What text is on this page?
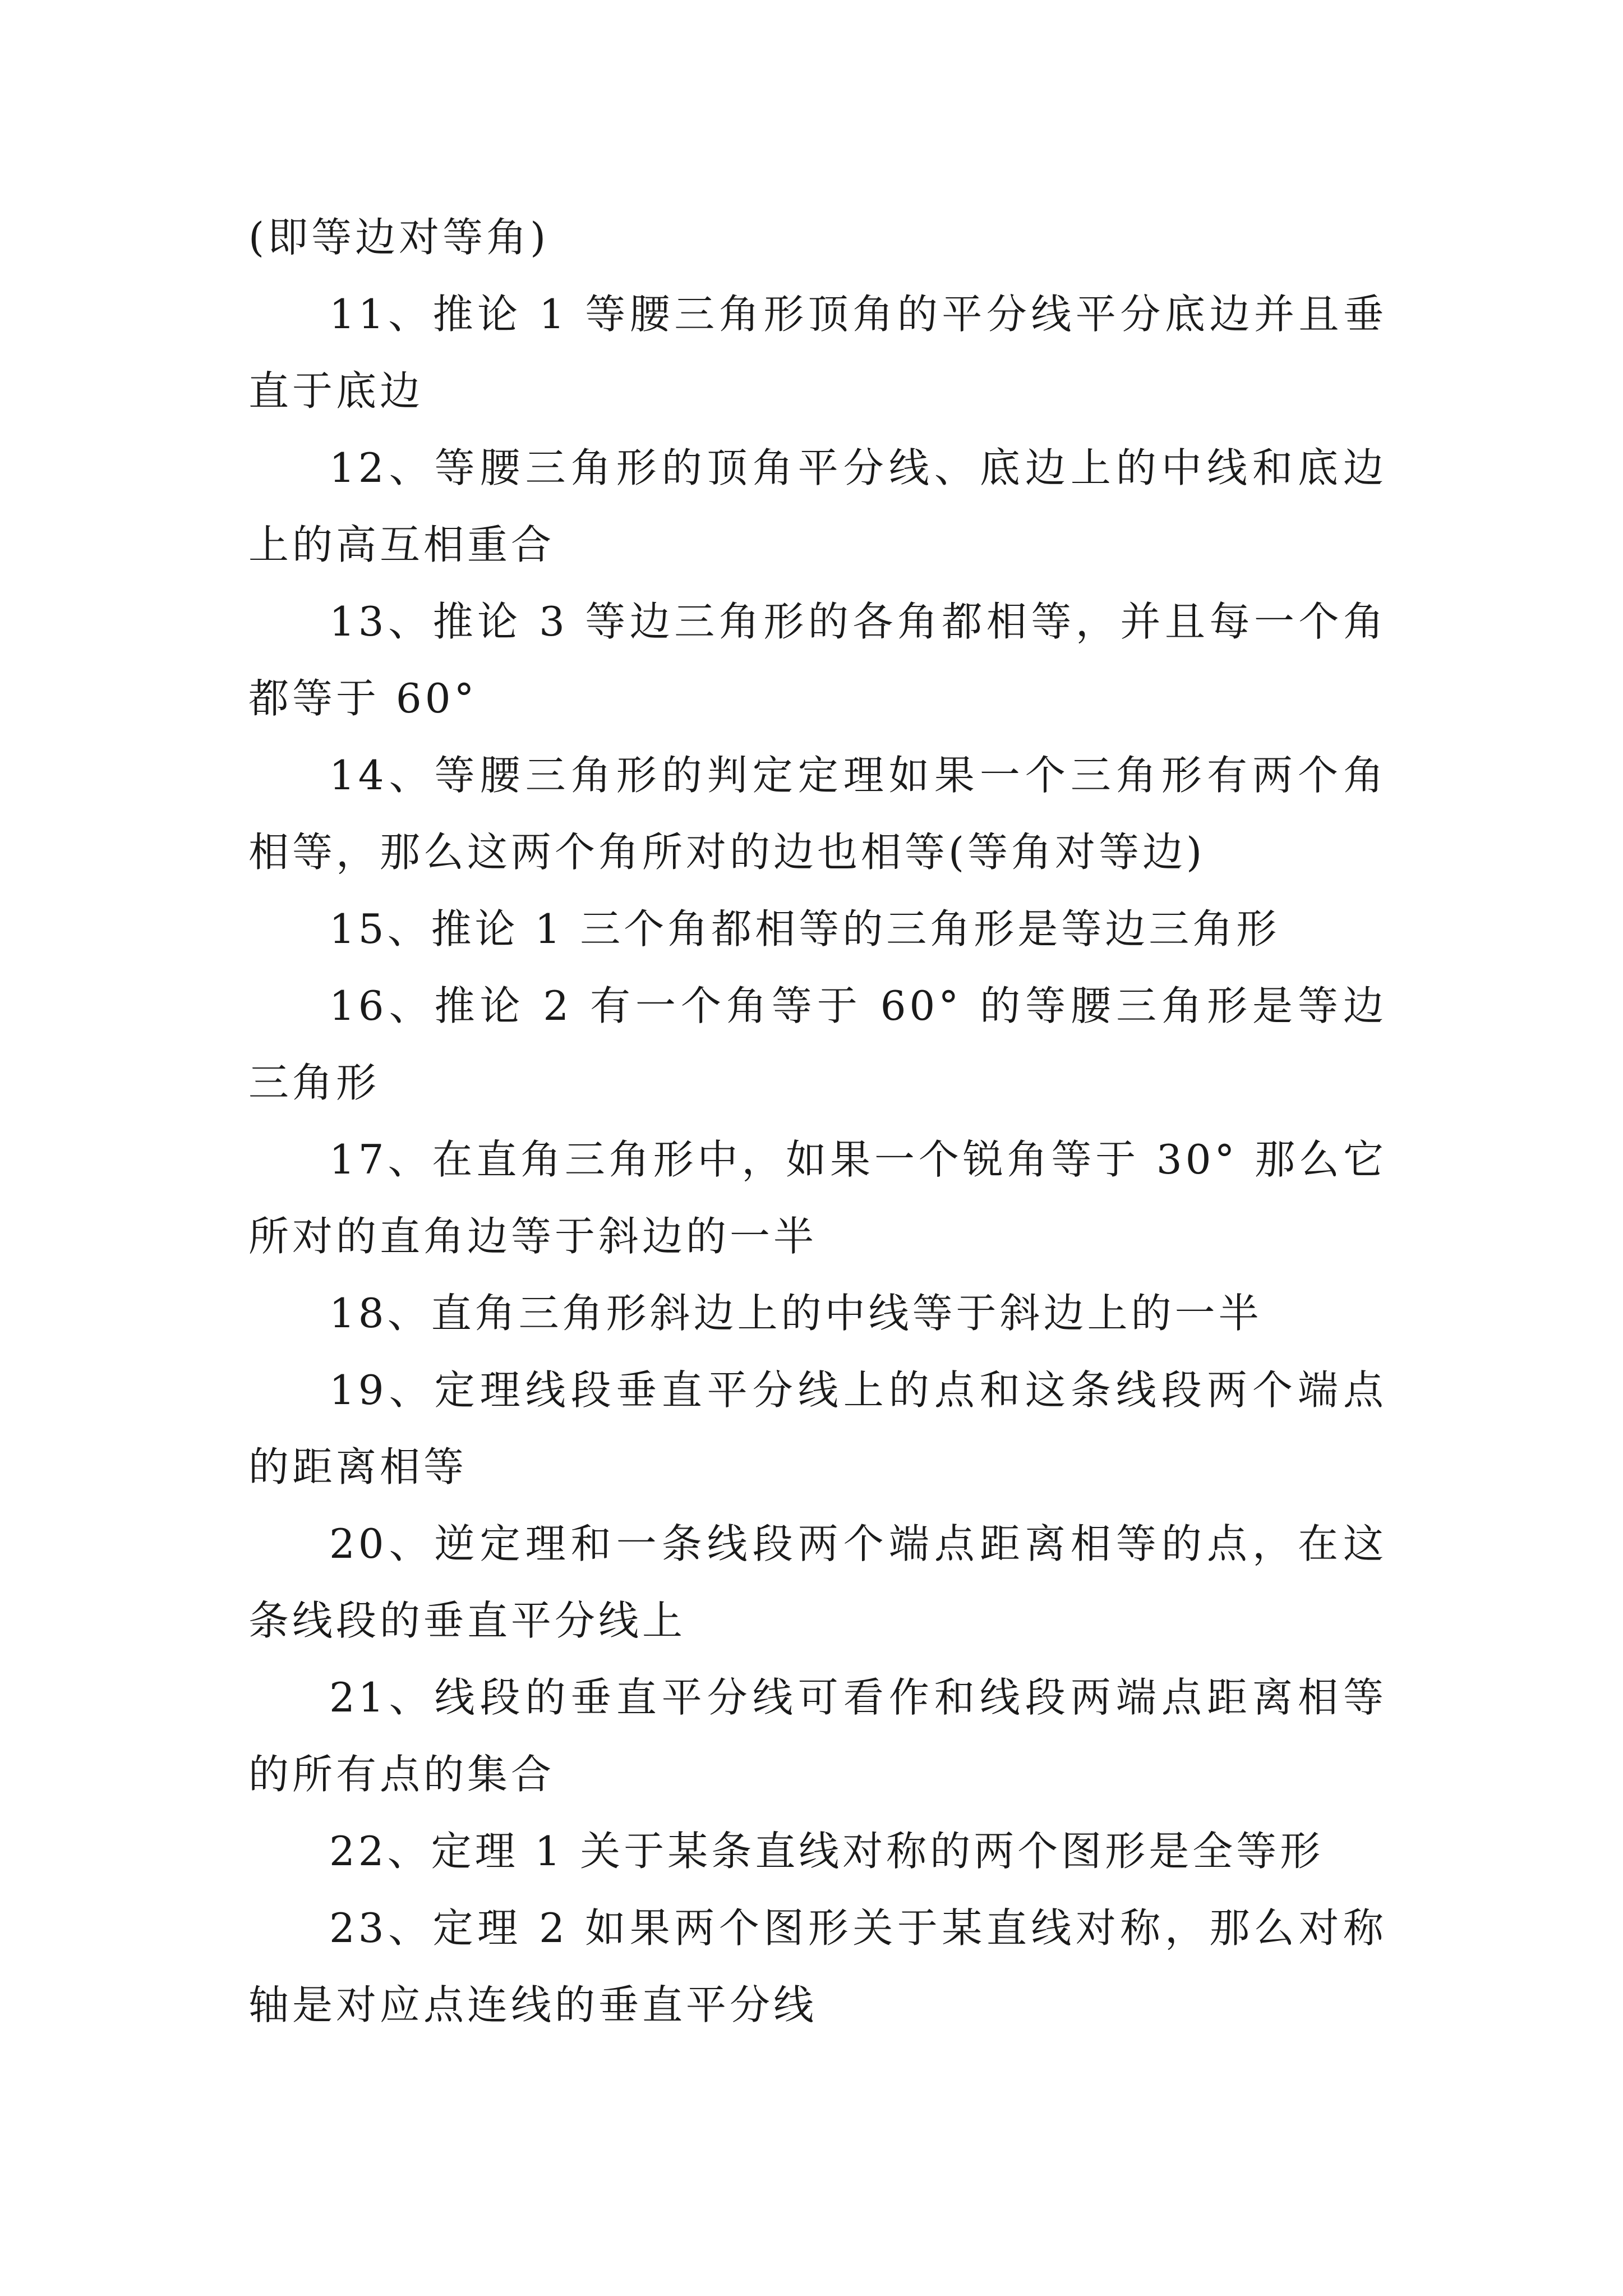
(即等边对等角)

11、推论 1 等腰三角形顶角的平分线平分底边并且垂直于底边

12、等腰三角形的顶角平分线、底边上的中线和底边上的高互相重合

13、推论 3 等边三角形的各角都相等，并且每一个角都等于 60°

14、等腰三角形的判定定理如果一个三角形有两个角相等，那么这两个角所对的边也相等(等角对等边)

15、推论 1 三个角都相等的三角形是等边三角形

16、推论 2 有一个角等于 60° 的等腰三角形是等边三角形

17、在直角三角形中，如果一个锐角等于 30° 那么它所对的直角边等于斜边的一半

18、直角三角形斜边上的中线等于斜边上的一半

19、定理线段垂直平分线上的点和这条线段两个端点的距离相等

20、逆定理和一条线段两个端点距离相等的点，在这条线段的垂直平分线上

21、线段的垂直平分线可看作和线段两端点距离相等的所有点的集合

22、定理 1 关于某条直线对称的两个图形是全等形

23、定理 2 如果两个图形关于某直线对称，那么对称轴是对应点连线的垂直平分线
